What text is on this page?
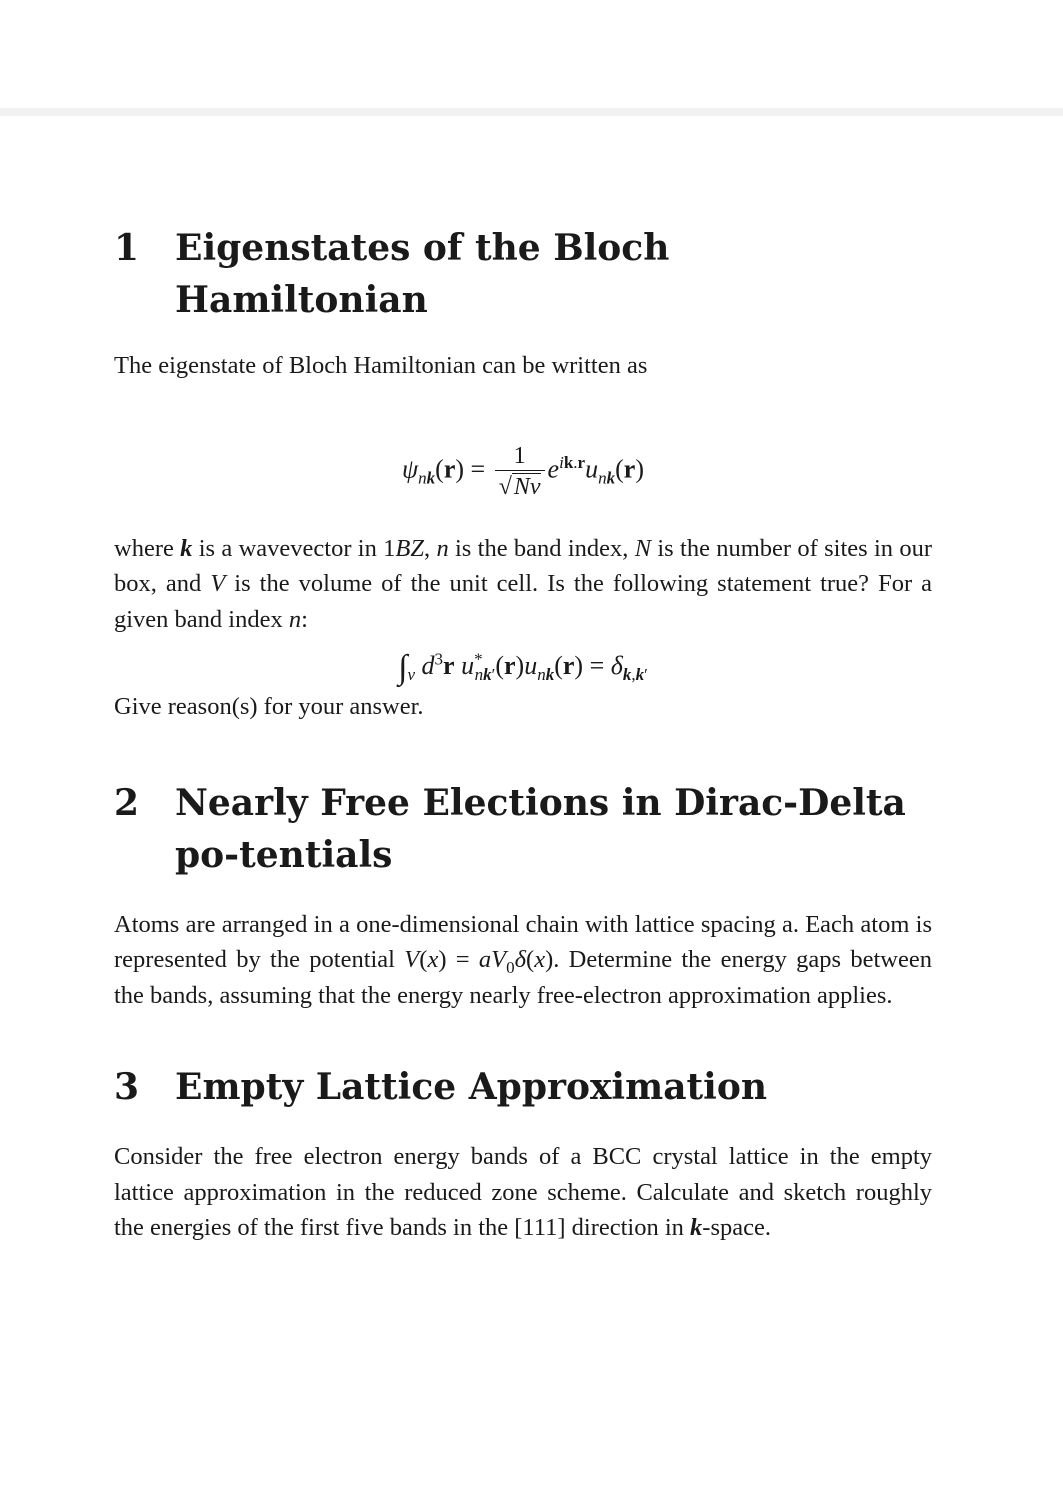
1 Eigenstates of the Bloch Hamiltonian

The eigenstate of Bloch Hamiltonian can be written as

$\psi_{nk}(r) = \frac{1}{√Nv} e^{ik.r}u_{nk}(r)$

where k is a wavevector in 1BZ, n is the band index, N is the number of sites in our box, and V is the volume of the unit cell. Is the following statement true? For a given band index n:

$\int_v$ $d^3r$ $u^*_{nk'}(r)u_{nk}(r) = \delta_{k,k'}$

Give reason(s) for your answer.

2 Nearly Free Elections in Dirac-Delta po-tentials

Atoms are arranged in a one-dimensional chain with lattice spacing a. Each atom is represented by the potential $V(x) = aV_0\delta(x)$. Determine the energy gaps between the bands, assuming that the energy nearly free-electron approximation applies.

3 Empty Lattice Approximation

Consider the free electron energy bands of a BCC crystal lattice in the empty lattice approximation in the reduced zone scheme. Calculate and sketch roughly the energies of the first five bands in the [111] direction in k-space.
